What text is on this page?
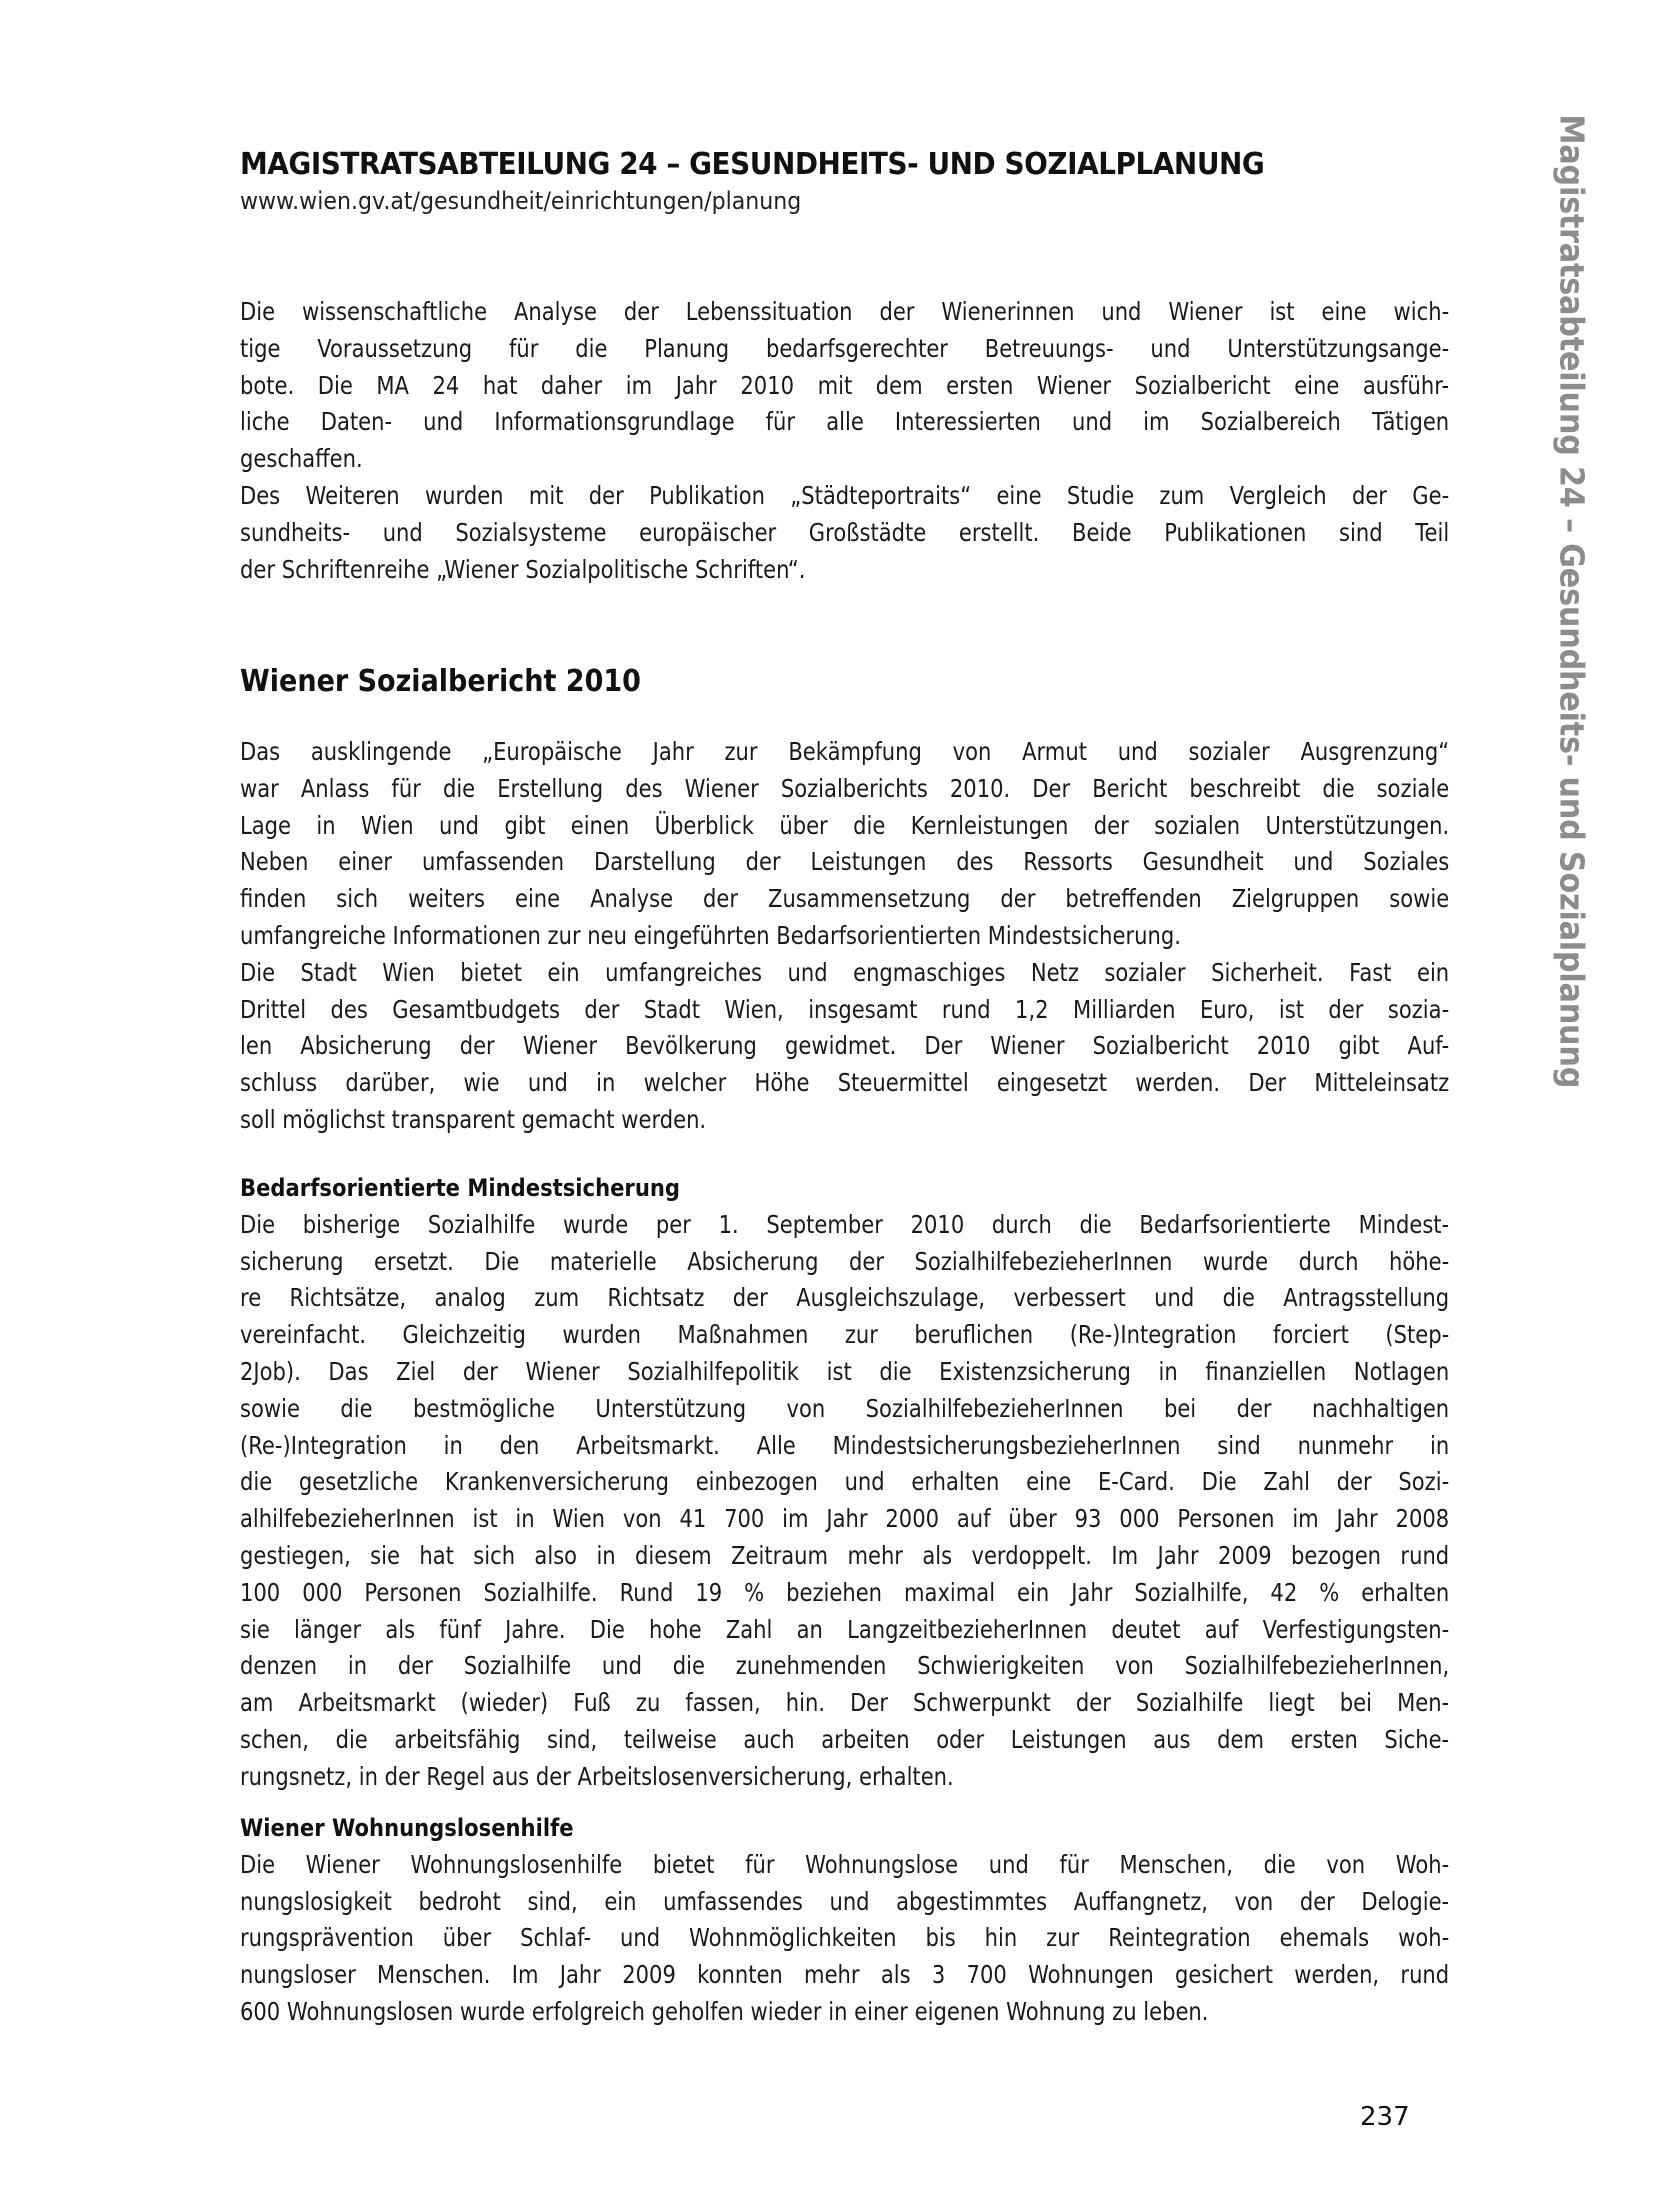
MAGISTRATSABTEILUNG 24 – GESUNDHEITS- UND SOZIALPLANUNG
www.wien.gv.at/gesundheit/einrichtungen/planung	Magistratsabteilung 24 – Gesundheits- und Sozialplanung
Die wissenschaftliche Analyse der Lebenssituation der Wienerinnen und Wiener ist eine wich-
tige Voraussetzung für die Planung bedarfsgerechter Betreuungs- und Unterstützungsange-
bote. Die MA 24 hat daher im Jahr 2010 mit dem ersten Wiener Sozialbericht eine ausführ-
liche Daten- und Informationsgrundlage für alle Interessierten und im Sozialbereich Tätigen
geschaffen.
Des Weiteren wurden mit der Publikation „Städteportraits“ eine Studie zum Vergleich der Ge-
sundheits- und Sozialsysteme europäischer Großstädte erstellt. Beide Publikationen sind Teil
der Schriftenreihe „Wiener Sozialpolitische Schriften“.
Wiener Sozialbericht 2010
Das ausklingende „Europäische Jahr zur Bekämpfung von Armut und sozialer Ausgrenzung“
war Anlass für die Erstellung des Wiener Sozialberichts 2010. Der Bericht beschreibt die soziale
Lage in Wien und gibt einen Überblick über die Kernleistungen der sozialen Unterstützungen.
Neben einer umfassenden Darstellung der Leistungen des Ressorts Gesundheit und Soziales
finden sich weiters eine Analyse der Zusammensetzung der betreffenden Zielgruppen sowie
umfangreiche Informationen zur neu eingeführten Bedarfsorientierten Mindestsicherung.
Die Stadt Wien bietet ein umfangreiches und engmaschiges Netz sozialer Sicherheit. Fast ein
Drittel des Gesamtbudgets der Stadt Wien, insgesamt rund 1,2 Milliarden Euro, ist der sozia-
len Absicherung der Wiener Bevölkerung gewidmet. Der Wiener Sozialbericht 2010 gibt Auf-
schluss darüber, wie und in welcher Höhe Steuermittel eingesetzt werden. Der Mitteleinsatz
soll möglichst transparent gemacht werden.
Bedarfsorientierte Mindestsicherung
Die bisherige Sozialhilfe wurde per 1. September 2010 durch die Bedarfsorientierte Mindest-
sicherung ersetzt. Die materielle Absicherung der SozialhilfebezieherInnen wurde durch höhe-
re Richtsätze, analog zum Richtsatz der Ausgleichszulage, verbessert und die Antragsstellung
vereinfacht. Gleichzeitig wurden Maßnahmen zur beruflichen (Re-)Integration forciert (Step-
2Job). Das Ziel der Wiener Sozialhilfepolitik ist die Existenzsicherung in finanziellen Notlagen
sowie die bestmögliche Unterstützung von SozialhilfebezieherInnen bei der nachhaltigen
(Re-)Integration in den Arbeitsmarkt. Alle MindestsicherungsbezieherInnen sind nunmehr in
die gesetzliche Krankenversicherung einbezogen und erhalten eine E-Card. Die Zahl der Sozi-
alhilfebezieherInnen ist in Wien von 41 700 im Jahr 2000 auf über 93 000 Personen im Jahr 2008
gestiegen, sie hat sich also in diesem Zeitraum mehr als verdoppelt. Im Jahr 2009 bezogen rund
100 000 Personen Sozialhilfe. Rund 19 % beziehen maximal ein Jahr Sozialhilfe, 42 % erhalten
sie länger als fünf Jahre. Die hohe Zahl an LangzeitbezieherInnen deutet auf Verfestigungsten-
denzen in der Sozialhilfe und die zunehmenden Schwierigkeiten von SozialhilfebezieherInnen,
am Arbeitsmarkt (wieder) Fuß zu fassen, hin. Der Schwerpunkt der Sozialhilfe liegt bei Men-
schen, die arbeitsfähig sind, teilweise auch arbeiten oder Leistungen aus dem ersten Siche-
rungsnetz, in der Regel aus der Arbeitslosenversicherung, erhalten.
Wiener Wohnungslosenhilfe
Die Wiener Wohnungslosenhilfe bietet für Wohnungslose und für Menschen, die von Woh-
nungslosigkeit bedroht sind, ein umfassendes und abgestimmtes Auffangnetz, von der Delogie-
rungsprävention über Schlaf- und Wohnmöglichkeiten bis hin zur Reintegration ehemals woh-
nungsloser Menschen. Im Jahr 2009 konnten mehr als 3 700 Wohnungen gesichert werden, rund
600 Wohnungslosen wurde erfolgreich geholfen wieder in einer eigenen Wohnung zu leben.
237
